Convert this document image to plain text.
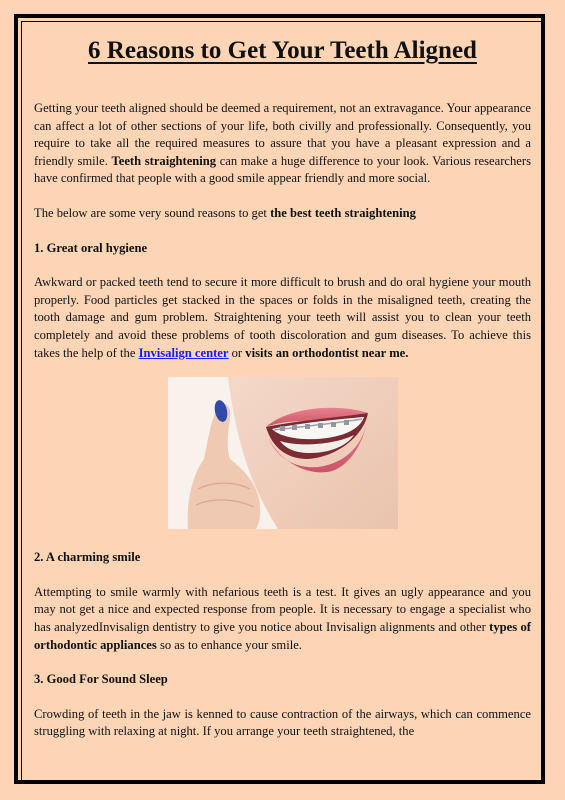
6 Reasons to Get Your Teeth Aligned

Getting your teeth aligned should be deemed a requirement, not an extravagance. Your appearance can affect a lot of other sections of your life, both civilly and professionally. Consequently, you require to take all the required measures to assure that you have a pleasant expression and a friendly smile. Teeth straightening can make a huge difference to your look. Various researchers have confirmed that people with a good smile appear friendly and more social.

The below are some very sound reasons to get the best teeth straightening

1. Great oral hygiene

Awkward or packed teeth tend to secure it more difficult to brush and do oral hygiene your mouth properly. Food particles get stacked in the spaces or folds in the misaligned teeth, creating the tooth damage and gum problem. Straightening your teeth will assist you to clean your teeth completely and avoid these problems of tooth discoloration and gum diseases. To achieve this takes the help of the Invisalign center or visits an orthodontist near me.

2. A charming smile

Attempting to smile warmly with nefarious teeth is a test. It gives an ugly appearance and you may not get a nice and expected response from people. It is necessary to engage a specialist who has analyzedInvisalign dentistry to give you notice about Invisalign alignments and other types of orthodontic appliances so as to enhance your smile.

3. Good For Sound Sleep

Crowding of teeth in the jaw is kenned to cause contraction of the airways, which can commence struggling with relaxing at night. If you arrange your teeth straightened, the
